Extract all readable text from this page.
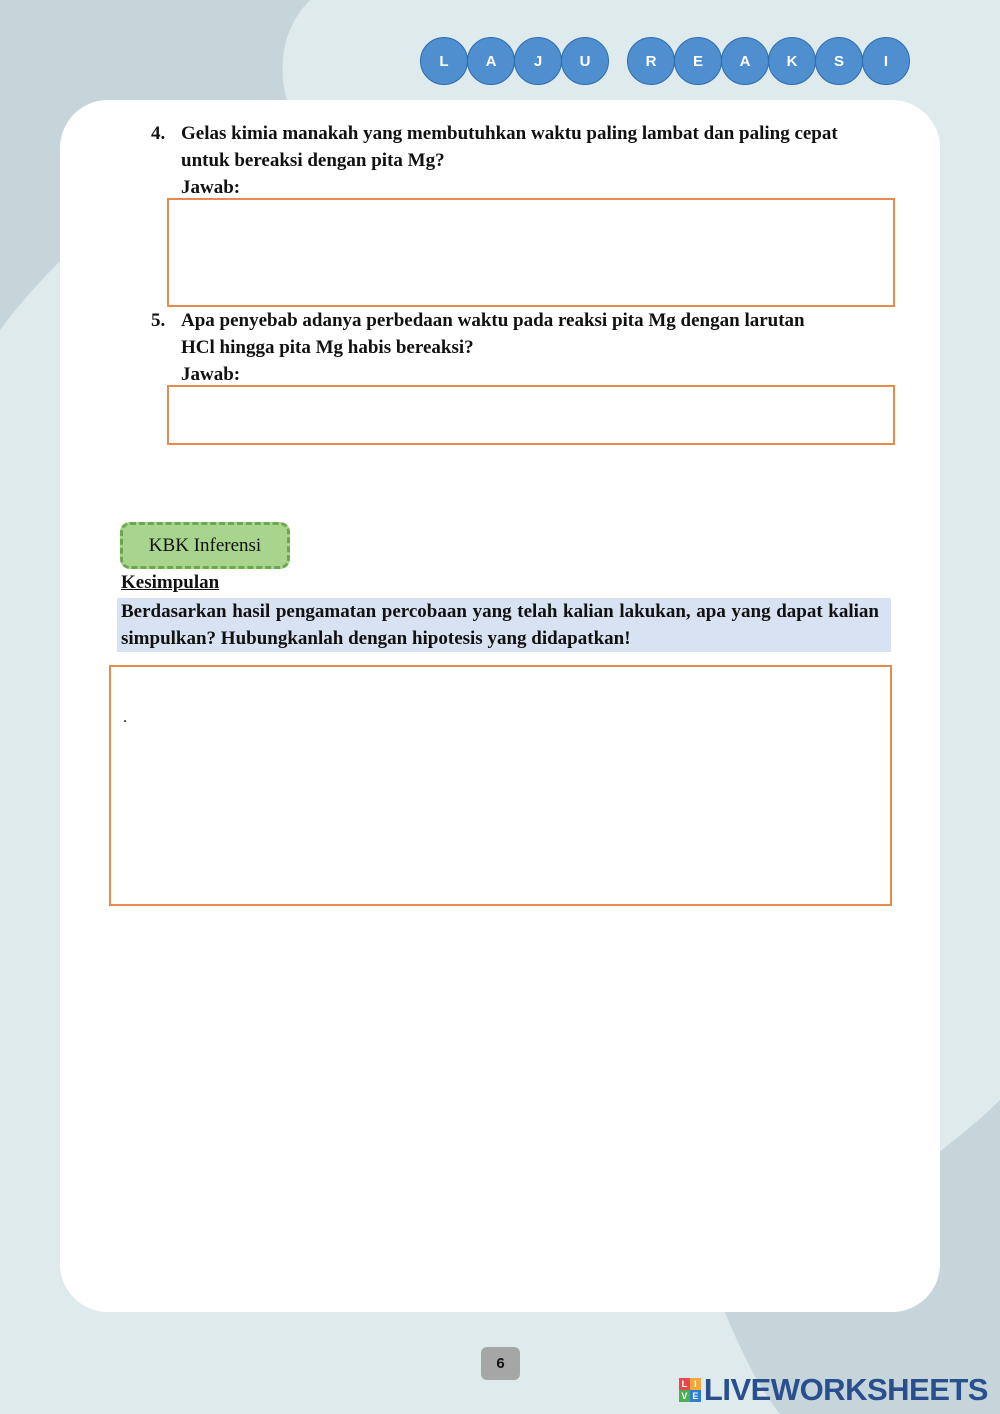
L	A	J	U	R	E	A	K	S	I
4. Gelas kimia manakah yang membutuhkan waktu paling lambat dan paling cepat
untuk bereaksi dengan pita Mg?
Jawab:
5. Apa penyebab adanya perbedaan waktu pada reaksi pita Mg dengan larutan
HCl hingga pita Mg habis bereaksi?
Jawab:
KBK Inferensi
Kesimpulan
Berdasarkan hasil pengamatan percobaan yang telah kalian lakukan, apa yang dapat kalian simpulkan? Hubungkanlah dengan hipotesis yang didapatkan!
.
6
L I
V E LIVEWORKSHEETS
